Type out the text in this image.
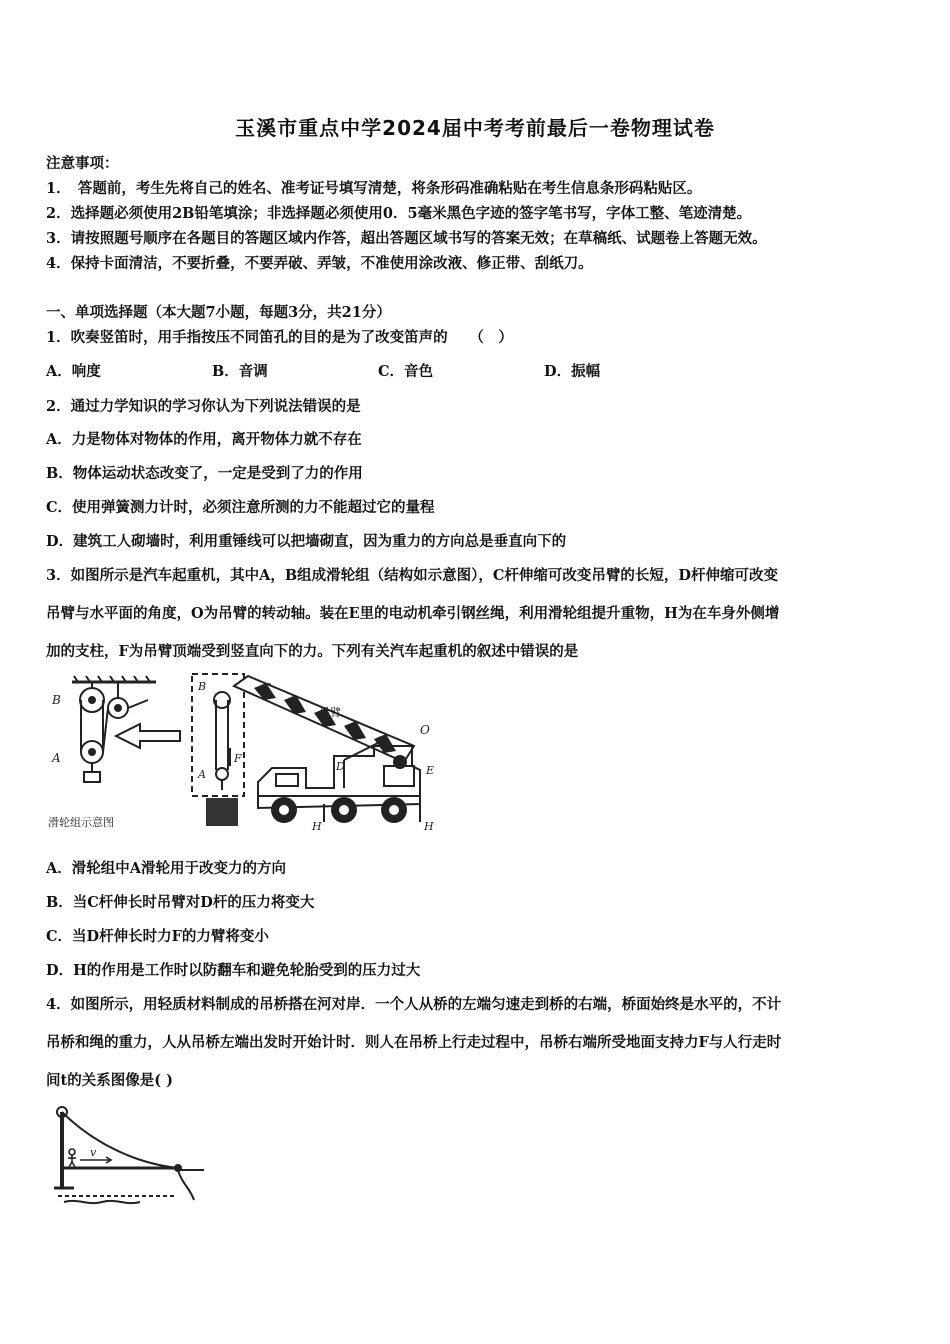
玉溪市重点中学2024届中考考前最后一卷物理试卷
注意事项：
1．　答题前，考生先将自己的姓名、准考证号填写清楚，将条形码准确粘贴在考生信息条形码粘贴区。
2．选择题必须使用2B铅笔填涂；非选择题必须使用0．5毫米黑色字迹的签字笔书写，字体工整、笔迹清楚。
3．请按照题号顺序在各题目的答题区域内作答，超出答题区域书写的答案无效；在草稿纸、试题卷上答题无效。
4．保持卡面清洁，不要折叠，不要弄破、弄皱，不准使用涂改液、修正带、刮纸刀。
一、单项选择题（本大题7小题，每题3分，共21分）
1．吹奏竖笛时，用手指按压不同笛孔的目的是为了改变笛声的　　（　）
A．响度	B．音调	C．音色	D．振幅
2．通过力学知识的学习你认为下列说法错误的是
A．力是物体对物体的作用，离开物体力就不存在
B．物体运动状态改变了，一定是受到了力的作用
C．使用弹簧测力计时，必须注意所测的力不能超过它的量程
D．建筑工人砌墙时，利用重锤线可以把墙砌直，因为重力的方向总是垂直向下的
3．如图所示是汽车起重机，其中A，B组成滑轮组（结构如示意图），C杆伸缩可改变吊臂的长短，D杆伸缩可改变
吊臂与水平面的角度，O为吊臂的转动轴。装在E里的电动机牵引钢丝绳，利用滑轮组提升重物，H为在车身外侧增
加的支柱，F为吊臂顶端受到竖直向下的力。下列有关汽车起重机的叙述中错误的是
B
A
滑轮组示意图
B
A
F
C
吊臂
O
D	E
H	H
A．滑轮组中A滑轮用于改变力的方向
B．当C杆伸长时吊臂对D杆的压力将变大
C．当D杆伸长时力F的力臂将变小
D．H的作用是工作时以防翻车和避免轮胎受到的压力过大
4．如图所示，用轻质材料制成的吊桥搭在河对岸．一个人从桥的左端匀速走到桥的右端，桥面始终是水平的，不计
吊桥和绳的重力，人从吊桥左端出发时开始计时．则人在吊桥上行走过程中，吊桥右端所受地面支持力F与人行走时
间t的关系图像是( )
v
